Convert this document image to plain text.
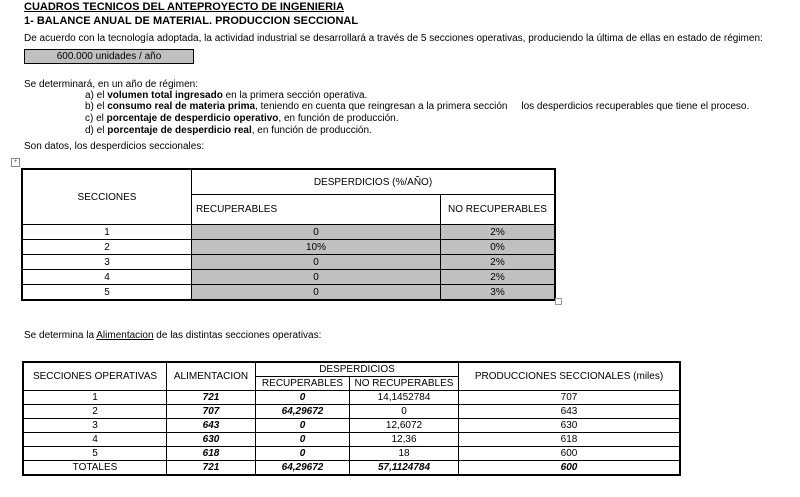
CUADROS TECNICOS DEL ANTEPROYECTO DE INGENIERIA
1- BALANCE ANUAL DE MATERIAL. PRODUCCION SECCIONAL
De acuerdo con la tecnología adoptada, la actividad industrial se desarrollará a través de 5 secciones operativas, produciendo la última de ellas en estado de régimen:
600.000 unidades / año
Se determinará, en un año de régimen:
a) el volumen total ingresado en la primera sección operativa.
b) el consumo real de materia prima, teniendo en cuenta que reingresan a la primera sección     los desperdicios recuperables que tiene el proceso.
c) el porcentaje de desperdicio operativo, en función de producción.
d) el porcentaje de desperdicio real, en función de producción.
Son datos, los desperdicios seccionales:
+
SECCIONES	DESPERDICIOS (%/AÑO)	
	RECUPERABLES	NO RECUPERABLES
1	0	2%
2	10%	0%
3	0	2%
4	0	2%
5	0	3%
Se determina la Alimentacion de las distintas secciones operativas:
SECCIONES OPERATIVAS	ALIMENTACION	DESPERDICIOS		PRODUCCIONES SECCIONALES (miles)
		RECUPERABLES	NO RECUPERABLES	
1	721	0	14,1452784	707
2	707	64,29672	0	643
3	643	0	12,6072	630
4	630	0	12,36	618
5	618	0	18	600
TOTALES	721	64,29672	57,1124784	600
